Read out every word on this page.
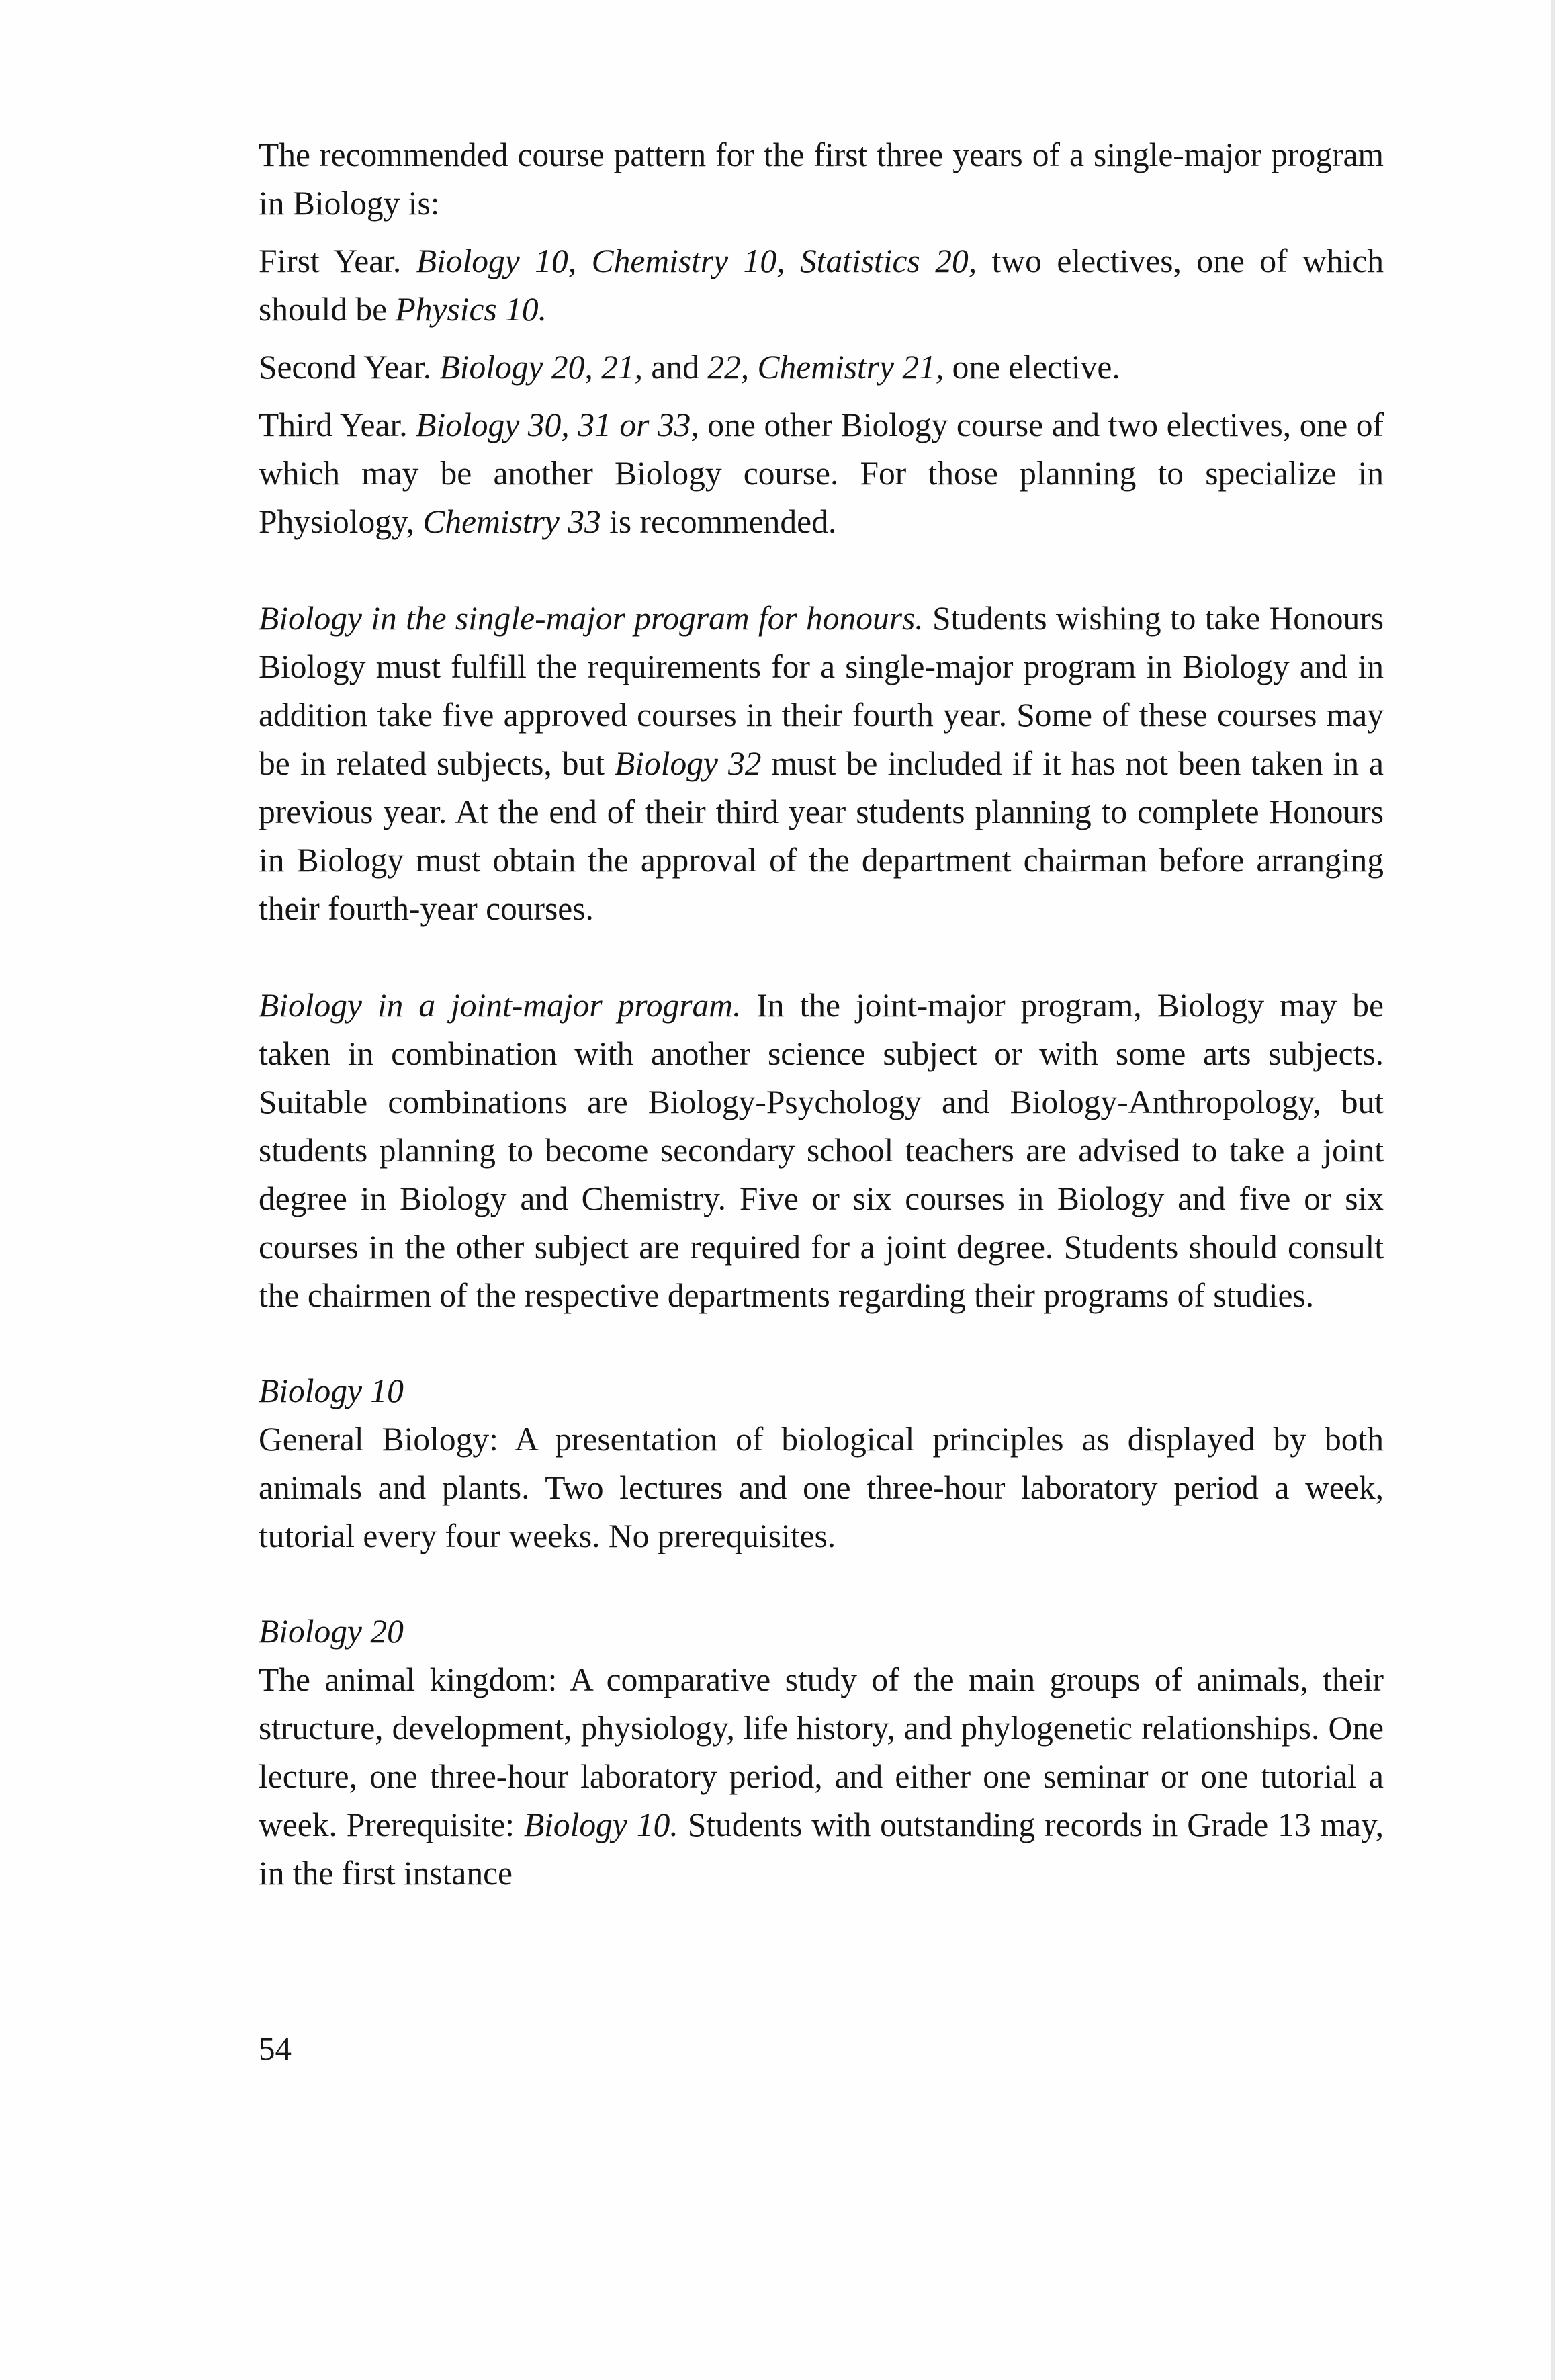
The recommended course pattern for the first three years of a single-major program in Biology is:

First Year. Biology 10, Chemistry 10, Statistics 20, two electives, one of which should be Physics 10.

Second Year. Biology 20, 21, and 22, Chemistry 21, one elective.

Third Year. Biology 30, 31 or 33, one other Biology course and two electives, one of which may be another Biology course. For those planning to specialize in Physiology, Chemistry 33 is recommended.

Biology in the single-major program for honours. Students wishing to take Honours Biology must fulfill the requirements for a single-major program in Biology and in addition take five approved courses in their fourth year. Some of these courses may be in related subjects, but Biology 32 must be included if it has not been taken in a previous year. At the end of their third year students planning to complete Honours in Biology must obtain the approval of the department chairman before arranging their fourth-year courses.

Biology in a joint-major program. In the joint-major program, Biology may be taken in combination with another science subject or with some arts subjects. Suitable combinations are Biology-Psychology and Biology-Anthropology, but students planning to become secondary school teachers are advised to take a joint degree in Biology and Chemistry. Five or six courses in Biology and five or six courses in the other subject are required for a joint degree. Students should consult the chairmen of the respective departments regarding their programs of studies.

Biology 10

General Biology: A presentation of biological principles as displayed by both animals and plants. Two lectures and one three-hour laboratory period a week, tutorial every four weeks. No prerequisites.

Biology 20

The animal kingdom: A comparative study of the main groups of animals, their structure, development, physiology, life history, and phylogenetic relationships. One lecture, one three-hour laboratory period, and either one seminar or one tutorial a week. Prerequisite: Biology 10. Students with outstanding records in Grade 13 may, in the first instance

54
